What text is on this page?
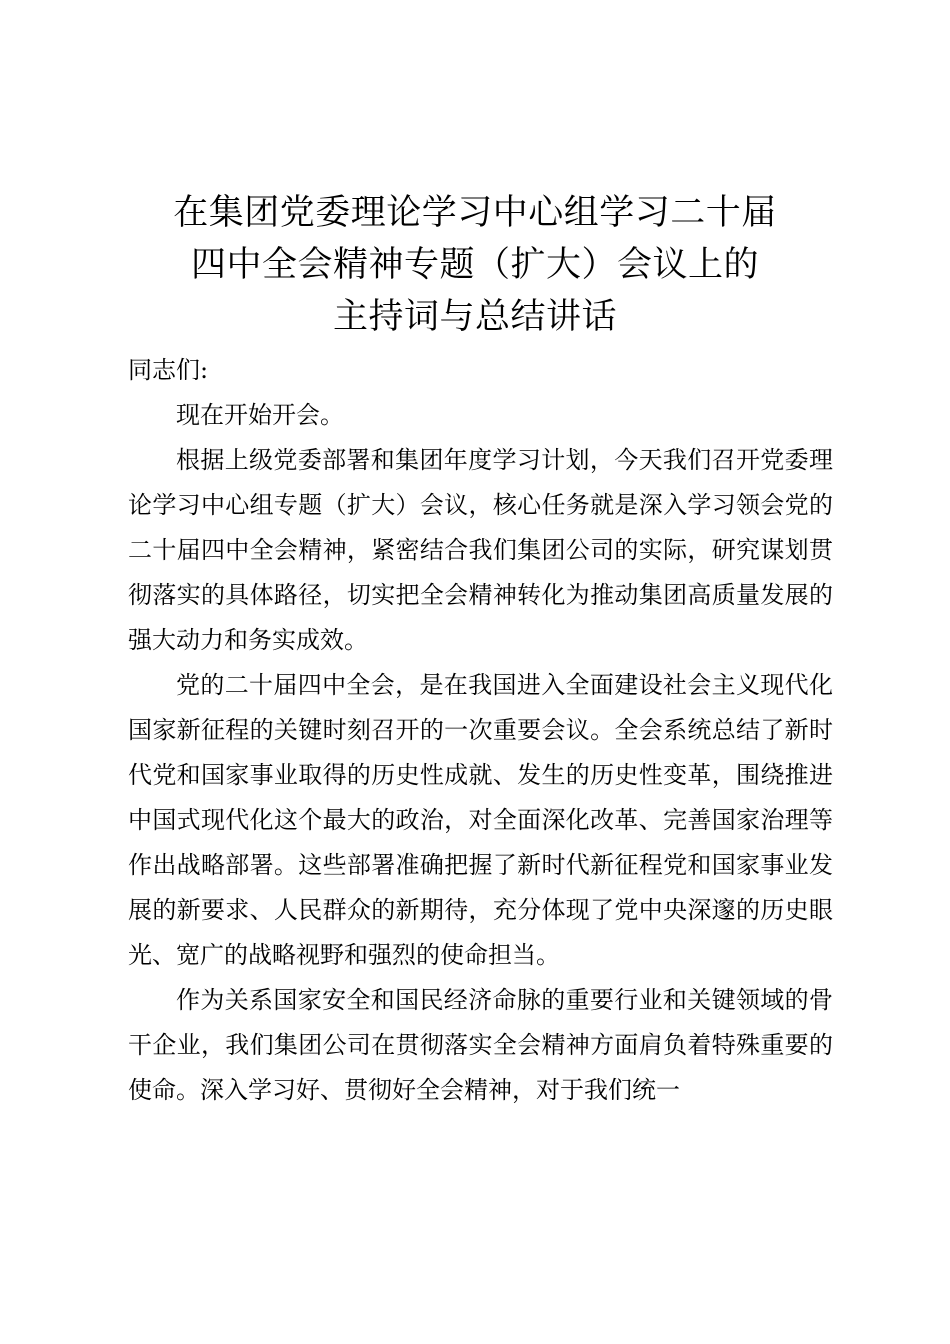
在集团党委理论学习中心组学习二十届
四中全会精神专题（扩大）会议上的
主持词与总结讲话

同志们:

现在开始开会。

根据上级党委部署和集团年度学习计划，今天我们召开党委理论学习中心组专题（扩大）会议，核心任务就是深入学习领会党的二十届四中全会精神，紧密结合我们集团公司的实际，研究谋划贯彻落实的具体路径，切实把全会精神转化为推动集团高质量发展的强大动力和务实成效。

党的二十届四中全会，是在我国进入全面建设社会主义现代化国家新征程的关键时刻召开的一次重要会议。全会系统总结了新时代党和国家事业取得的历史性成就、发生的历史性变革，围绕推进中国式现代化这个最大的政治，对全面深化改革、完善国家治理等作出战略部署。这些部署准确把握了新时代新征程党和国家事业发展的新要求、人民群众的新期待，充分体现了党中央深邃的历史眼光、宽广的战略视野和强烈的使命担当。

作为关系国家安全和国民经济命脉的重要行业和关键领域的骨干企业，我们集团公司在贯彻落实全会精神方面肩负着特殊重要的使命。深入学习好、贯彻好全会精神，对于我们统一
